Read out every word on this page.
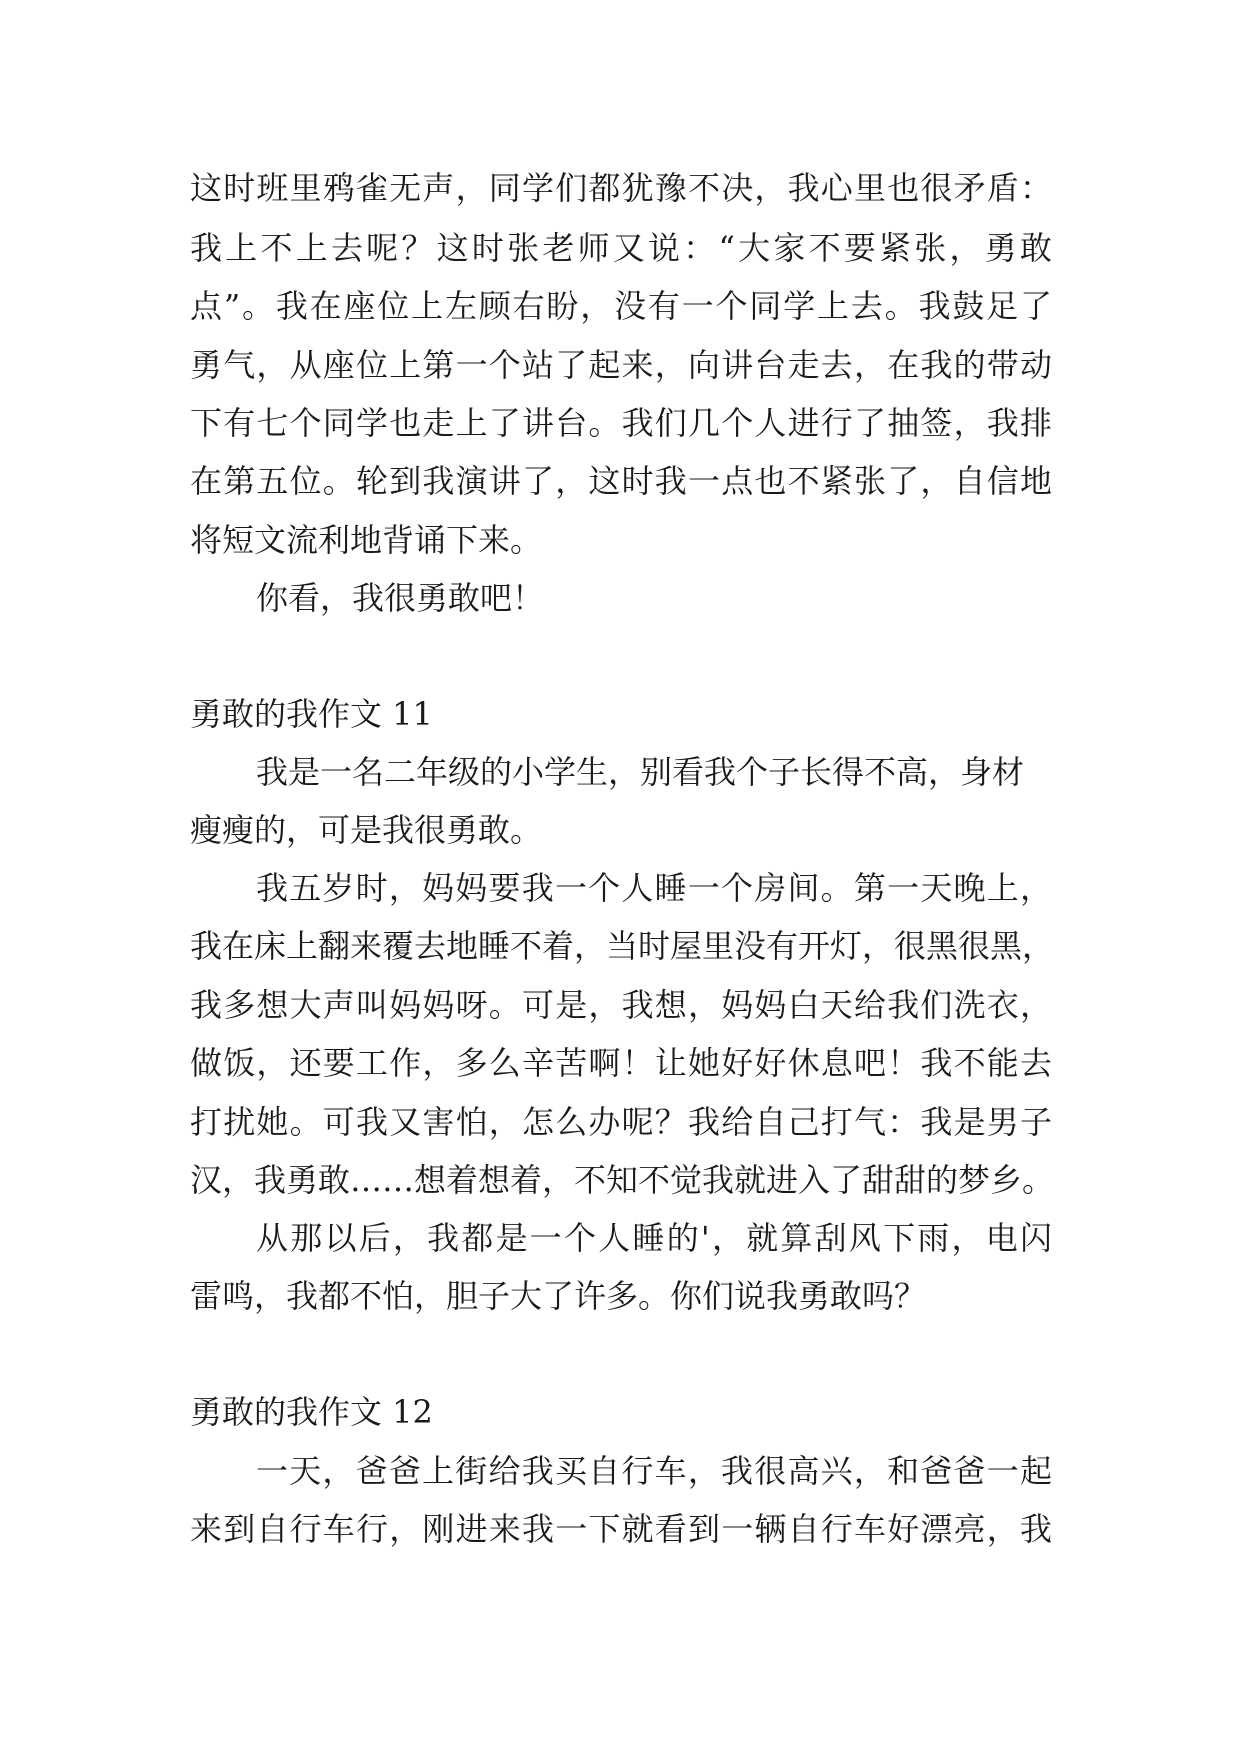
这时班里鸦雀无声，同学们都犹豫不决，我心里也很矛盾：
我上不上去呢？这时张老师又说：“大家不要紧张，勇敢
点”。我在座位上左顾右盼，没有一个同学上去。我鼓足了
勇气，从座位上第一个站了起来，向讲台走去，在我的带动
下有七个同学也走上了讲台。我们几个人进行了抽签，我排
在第五位。轮到我演讲了，这时我一点也不紧张了，自信地
将短文流利地背诵下来。
你看，我很勇敢吧！
勇敢的我作文 11
我是一名二年级的小学生，别看我个子长得不高，身材
瘦瘦的，可是我很勇敢。
我五岁时，妈妈要我一个人睡一个房间。第一天晚上，
我在床上翻来覆去地睡不着，当时屋里没有开灯，很黑很黑，
我多想大声叫妈妈呀。可是，我想，妈妈白天给我们洗衣，
做饭，还要工作，多么辛苦啊！让她好好休息吧！我不能去
打扰她。可我又害怕，怎么办呢？我给自己打气：我是男子
汉，我勇敢……想着想着，不知不觉我就进入了甜甜的梦乡。
从那以后，我都是一个人睡的'，就算刮风下雨，电闪
雷鸣，我都不怕，胆子大了许多。你们说我勇敢吗？
勇敢的我作文 12
一天，爸爸上街给我买自行车，我很高兴，和爸爸一起
来到自行车行，刚进来我一下就看到一辆自行车好漂亮，我
